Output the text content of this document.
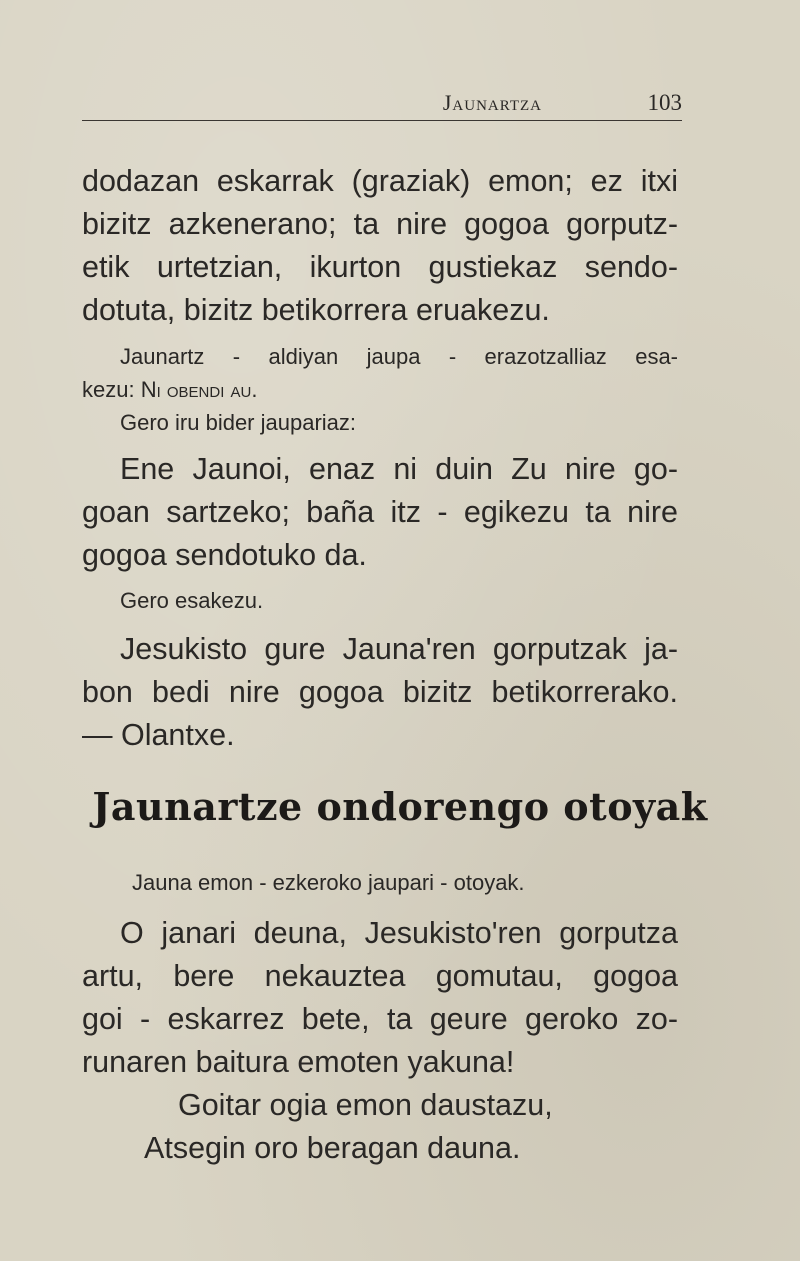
Jaunartza	103
dodazan eskarrak (graziak) emon; ez itxi
bizitz azkenerano; ta nire gogoa gorputz-
etik urtetzian, ikurton gustiekaz sendo-
dotuta, bizitz betikorrera eruakezu.
Jaunartz - aldiyan jaupa - erazotzalliaz esa-
kezu: Ni obendi au.
Gero iru bider jaupariaz:
Ene Jaunoi, enaz ni duin Zu nire go-
goan sartzeko; baña itz - egikezu ta nire
gogoa sendotuko da.
Gero esakezu.
Jesukisto gure Jauna'ren gorputzak ja-
bon bedi nire gogoa bizitz betikorrerako.
— Olantxe.
Jaunartze ondorengo otoyak
Jauna emon - ezkeroko jaupari - otoyak.
O janari deuna, Jesukisto'ren gorputza
artu, bere nekauztea gomutau, gogoa
goi - eskarrez bete, ta geure geroko zo-
runaren baitura emoten yakuna!
Goitar ogia emon daustazu,
Atsegin oro beragan dauna.
